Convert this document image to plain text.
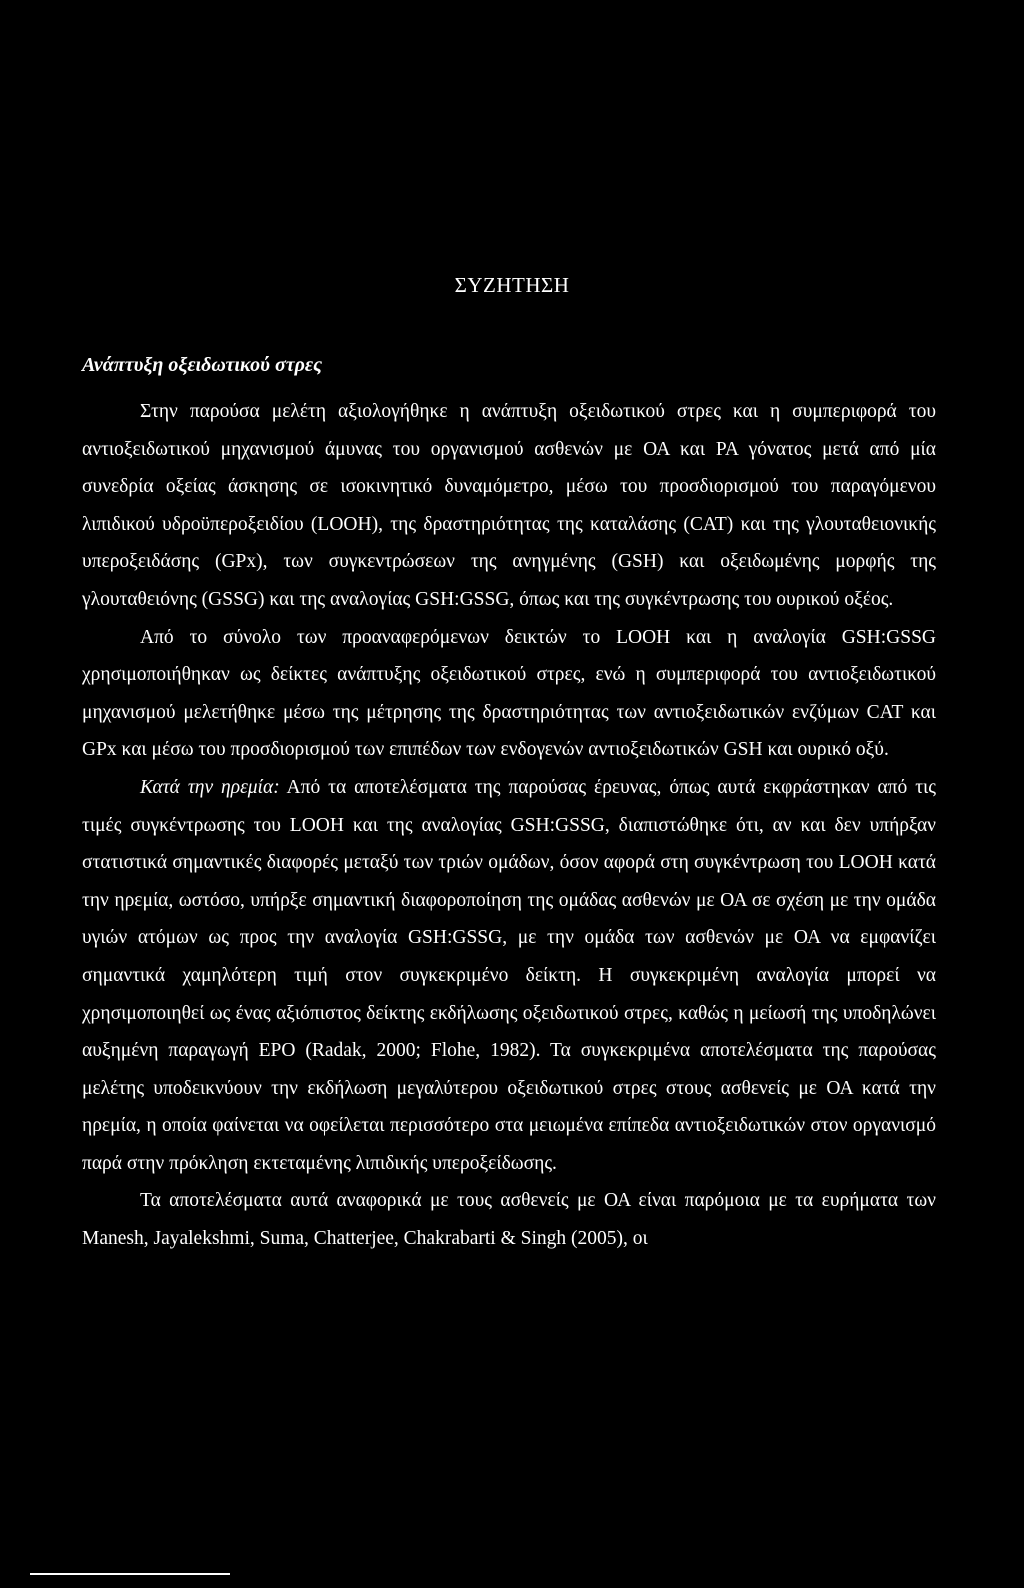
ΣΥΖΗΤΗΣΗ
Ανάπτυξη οξειδωτικού στρες

Στην παρούσα μελέτη αξιολογήθηκε η ανάπτυξη οξειδωτικού στρες και η συμπεριφορά του αντιοξειδωτικού μηχανισμού άμυνας του οργανισμού ασθενών με ΟΑ και ΡΑ γόνατος μετά από μία συνεδρία οξείας άσκησης σε ισοκινητικό δυναμόμετρο, μέσω του προσδιορισμού του παραγόμενου λιπιδικού υδροϋπεροξειδίου (LOOH), της δραστηριότητας της καταλάσης (CAT) και της γλουταθειονικής υπεροξειδάσης (GPx), των συγκεντρώσεων της ανηγμένης (GSH) και οξειδωμένης μορφής της γλουταθειόνης (GSSG) και της αναλογίας GSH:GSSG, όπως και της συγκέντρωσης του ουρικού οξέος.

Από το σύνολο των προαναφερόμενων δεικτών το LOOH και η αναλογία GSH:GSSG χρησιμοποιήθηκαν ως δείκτες ανάπτυξης οξειδωτικού στρες, ενώ η συμπεριφορά του αντιοξειδωτικού μηχανισμού μελετήθηκε μέσω της μέτρησης της δραστηριότητας των αντιοξειδωτικών ενζύμων CAT και GPx και μέσω του προσδιορισμού των επιπέδων των ενδογενών αντιοξειδωτικών GSH και ουρικό οξύ.

Κατά την ηρεμία: Από τα αποτελέσματα της παρούσας έρευνας, όπως αυτά εκφράστηκαν από τις τιμές συγκέντρωσης του LOOH και της αναλογίας GSH:GSSG, διαπιστώθηκε ότι, αν και δεν υπήρξαν στατιστικά σημαντικές διαφορές μεταξύ των τριών ομάδων, όσον αφορά στη συγκέντρωση του LOOH κατά την ηρεμία, ωστόσο, υπήρξε σημαντική διαφοροποίηση της ομάδας ασθενών με ΟΑ σε σχέση με την ομάδα υγιών ατόμων ως προς την αναλογία GSH:GSSG, με την ομάδα των ασθενών με ΟΑ να εμφανίζει σημαντικά χαμηλότερη τιμή στον συγκεκριμένο δείκτη. Η συγκεκριμένη αναλογία μπορεί να χρησιμοποιηθεί ως ένας αξιόπιστος δείκτης εκδήλωσης οξειδωτικού στρες, καθώς η μείωσή της υποδηλώνει αυξημένη παραγωγή ΕΡΟ (Radak, 2000; Flohe, 1982). Τα συγκεκριμένα αποτελέσματα της παρούσας μελέτης υποδεικνύουν την εκδήλωση μεγαλύτερου οξειδωτικού στρες στους ασθενείς με ΟΑ κατά την ηρεμία, η οποία φαίνεται να οφείλεται περισσότερο στα μειωμένα επίπεδα αντιοξειδωτικών στον οργανισμό παρά στην πρόκληση εκτεταμένης λιπιδικής υπεροξείδωσης.

Τα αποτελέσματα αυτά αναφορικά με τους ασθενείς με ΟΑ είναι παρόμοια με τα ευρήματα των Manesh, Jayalekshmi, Suma, Chatterjee, Chakrabarti & Singh (2005), οι
